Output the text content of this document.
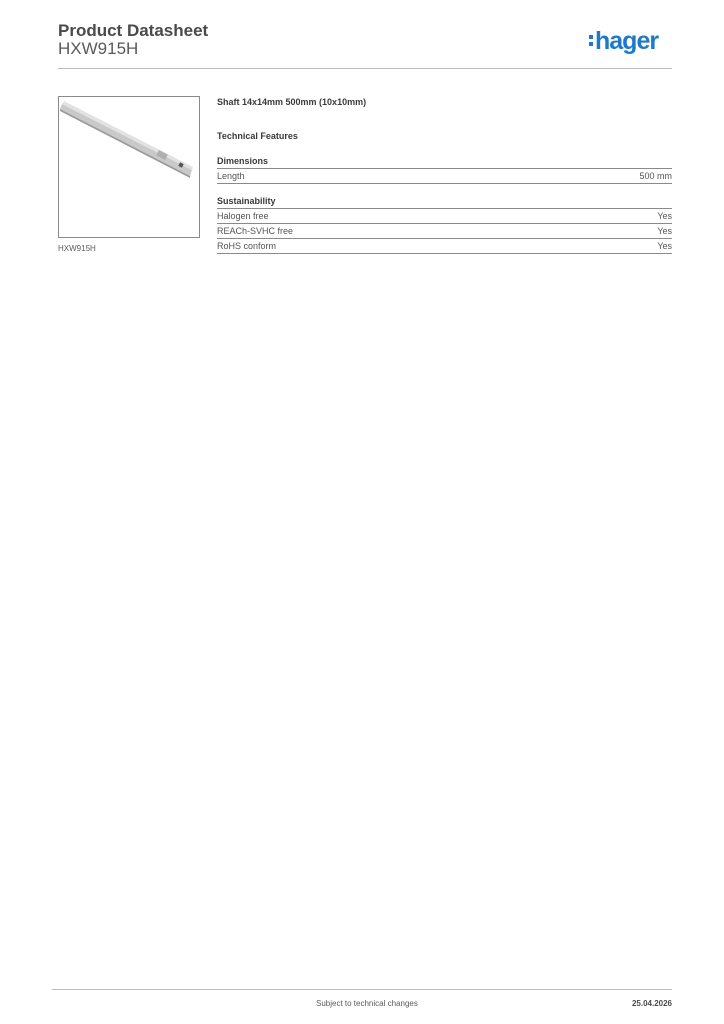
Product Datasheet
HXW915H	hager
HXW915H
Shaft 14x14mm 500mm (10x10mm)
Technical Features
Dimensions
Length	500 mm
Sustainability
Halogen free	Yes
REACh-SVHC free	Yes
RoHS conform	Yes
Subject to technical changes	25.04.2026
